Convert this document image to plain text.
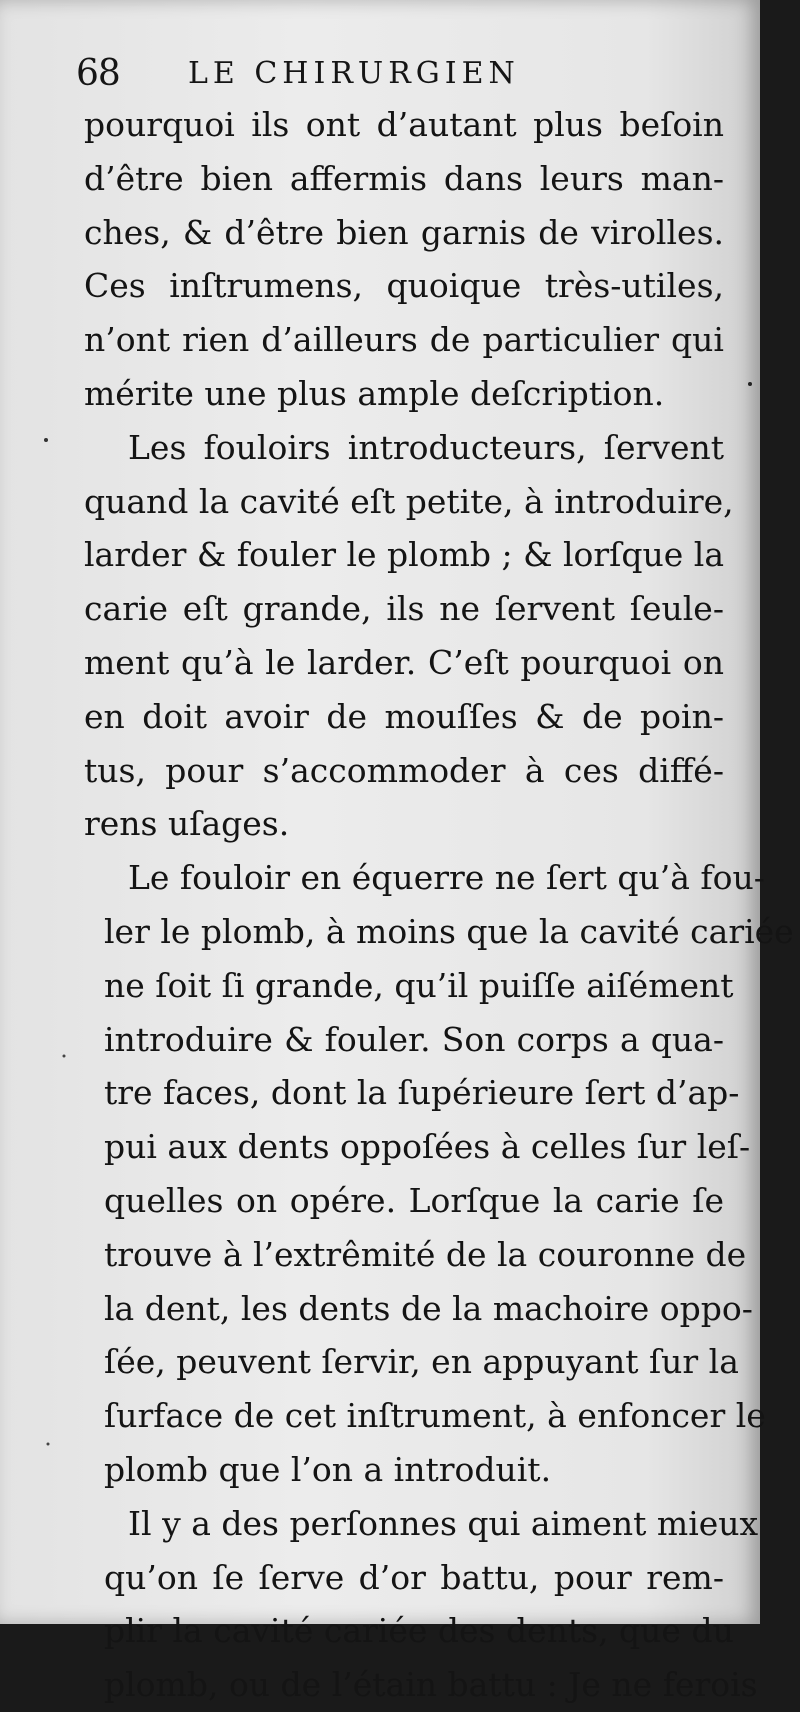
68 LE CHIRURGIEN
pourquoi ils ont d’autant plus beſoin
d’être bien affermis dans leurs man-
ches, & d’être bien garnis de virolles.
Ces inſtrumens, quoique très-utiles,
n’ont rien d’ailleurs de particulier qui
mérite une plus ample deſcription.
Les fouloirs introducteurs, ſervent
quand la cavité eſt petite, à introduire,
larder & fouler le plomb ; & lorſque la
carie eſt grande, ils ne ſervent ſeule-
ment qu’à le larder. C’eſt pourquoi on
en doit avoir de mouſſes & de poin-
tus, pour s’accommoder à ces diffé-
rens uſages.
Le fouloir en équerre ne ſert qu’à fou-
ler le plomb, à moins que la cavité cariée
ne ſoit ſi grande, qu’il puiſſe aiſément
introduire & fouler. Son corps a qua-
tre faces, dont la ſupérieure ſert d’ap-
pui aux dents oppoſées à celles ſur leſ-
quelles on opére. Lorſque la carie ſe
trouve à l’extrêmité de la couronne de
la dent, les dents de la machoire oppo-
ſée, peuvent ſervir, en appuyant ſur la
ſurface de cet inſtrument, à enfoncer le
plomb que l’on a introduit.
Il y a des perſonnes qui aiment mieux
qu’on ſe ſerve d’or battu, pour rem-
plir la cavité cariée des dents, que du
plomb, ou de l’étain battu : Je ne ferois
